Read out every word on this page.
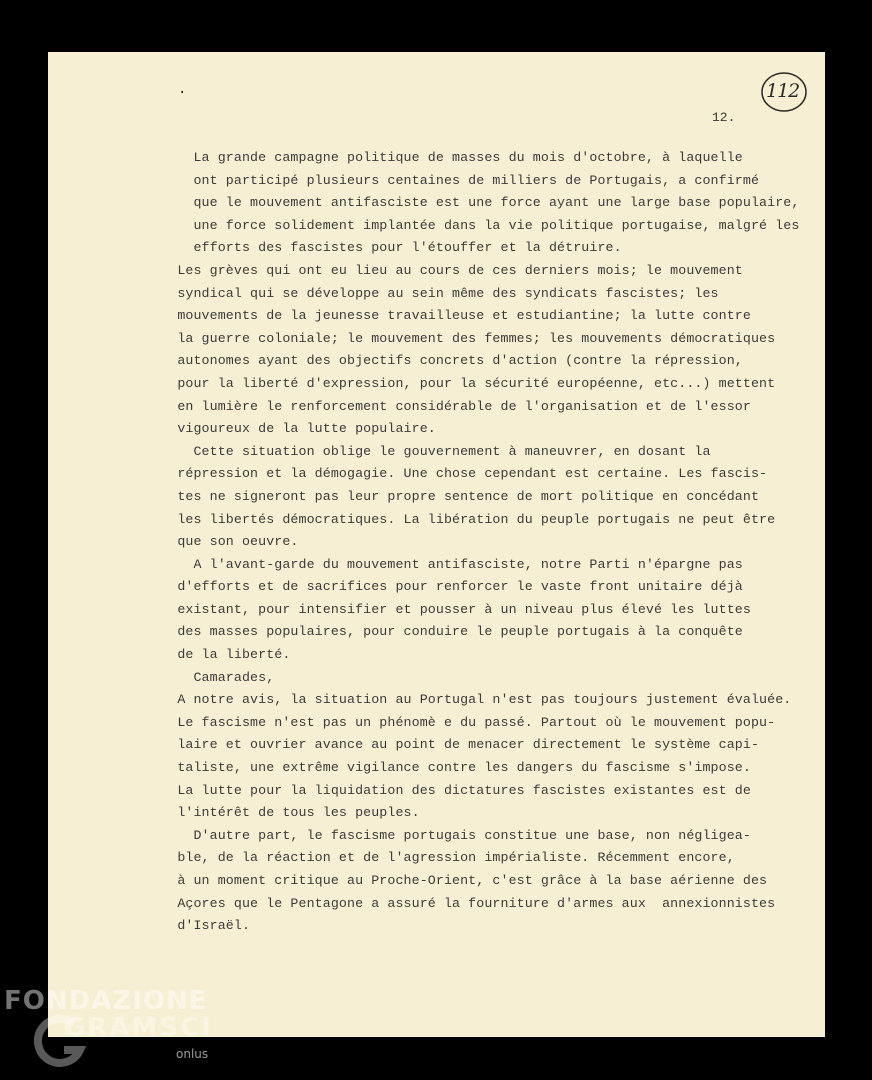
.	112
12.
La grande campagne politique de masses du mois d'octobre, à laquelle
ont participé plusieurs centaines de milliers de Portugais, a confirmé
que le mouvement antifasciste est une force ayant une large base populaire,
une force solidement implantée dans la vie politique portugaise, malgré les
efforts des fascistes pour l'étouffer et la détruire.
Les grèves qui ont eu lieu au cours de ces derniers mois; le mouvement
syndical qui se développe au sein même des syndicats fascistes; les
mouvements de la jeunesse travailleuse et estudiantine; la lutte contre
la guerre coloniale; le mouvement des femmes; les mouvements démocratiques
autonomes ayant des objectifs concrets d'action (contre la répression,
pour la liberté d'expression, pour la sécurité européenne, etc...) mettent
en lumière le renforcement considérable de l'organisation et de l'essor
vigoureux de la lutte populaire.
Cette situation oblige le gouvernement à maneuvrer, en dosant la
répression et la démogagie. Une chose cependant est certaine. Les fascis-
tes ne signeront pas leur propre sentence de mort politique en concédant
les libertés démocratiques. La libération du peuple portugais ne peut être
que son oeuvre.
A l'avant-garde du mouvement antifasciste, notre Parti n'épargne pas
d'efforts et de sacrifices pour renforcer le vaste front unitaire déjà
existant, pour intensifier et pousser à un niveau plus élevé les luttes
des masses populaires, pour conduire le peuple portugais à la conquête
de la liberté.
Camarades,
A notre avis, la situation au Portugal n'est pas toujours justement évaluée.
Le fascisme n'est pas un phénomè e du passé. Partout où le mouvement popu-
laire et ouvrier avance au point de menacer directement le système capi-
taliste, une extrême vigilance contre les dangers du fascisme s'impose.
La lutte pour la liquidation des dictatures fascistes existantes est de
l'intérêt de tous les peuples.
D'autre part, le fascisme portugais constitue une base, non négligea-
ble, de la réaction et de l'agression impérialiste. Récemment encore,
à un moment critique au Proche-Orient, c'est grâce à la base aérienne des
Açores que le Pentagone a assuré la fourniture d'armes aux  annexionnistes
d'Israël.
FONDAZIONE
GRAMSCI
onlus
